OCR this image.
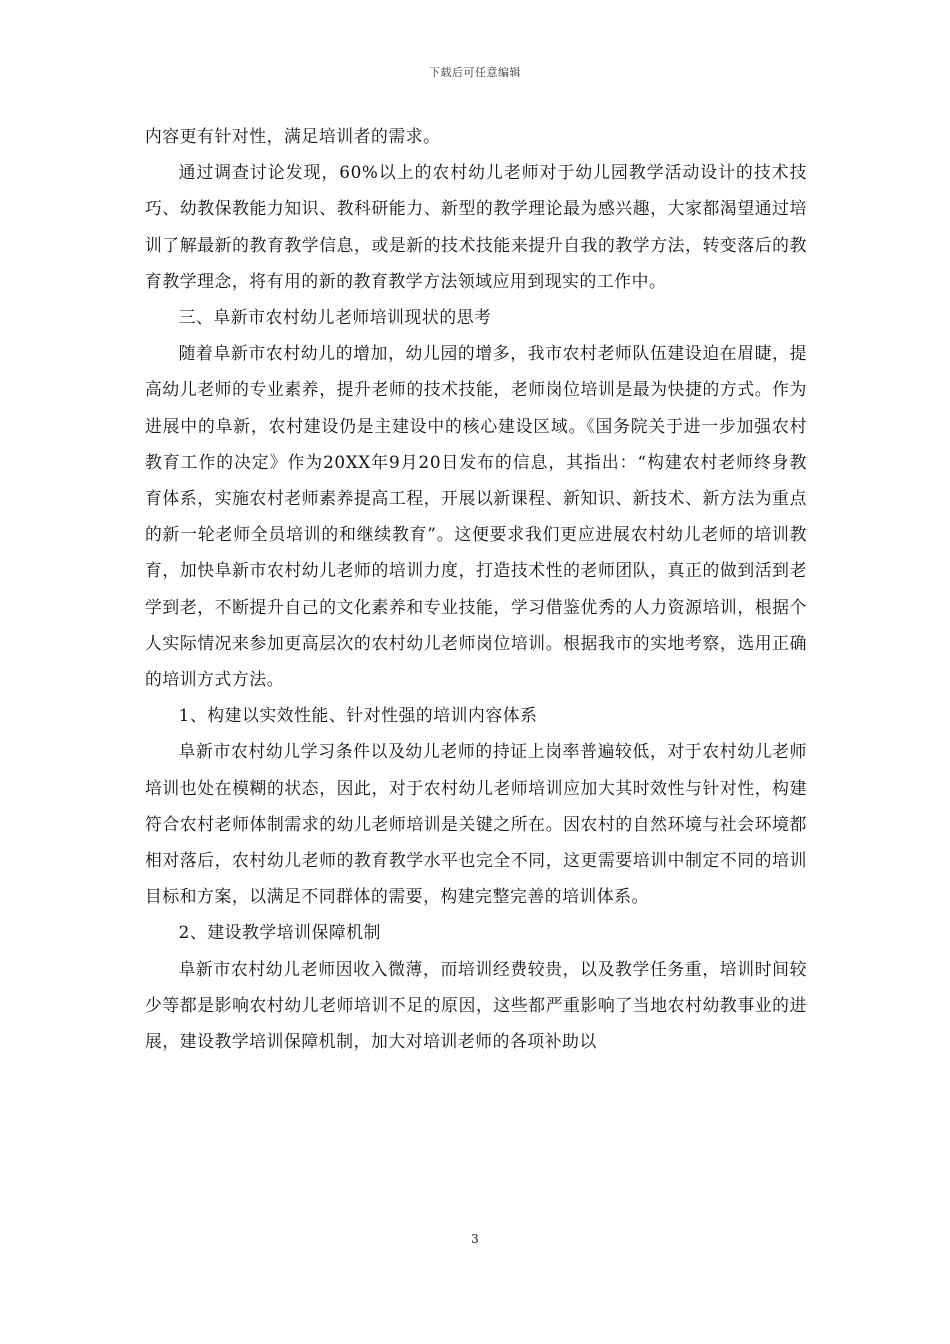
下载后可任意编辑

内容更有针对性，满足培训者的需求。

通过调查讨论发现，60%以上的农村幼儿老师对于幼儿园教学活动设计的技术技巧、幼教保教能力知识、教科研能力、新型的教学理论最为感兴趣，大家都渴望通过培训了解最新的教育教学信息，或是新的技术技能来提升自我的教学方法，转变落后的教育教学理念，将有用的新的教育教学方法领域应用到现实的工作中。

三、阜新市农村幼儿老师培训现状的思考

随着阜新市农村幼儿的增加，幼儿园的增多，我市农村老师队伍建设迫在眉睫，提高幼儿老师的专业素养，提升老师的技术技能，老师岗位培训是最为快捷的方式。作为进展中的阜新，农村建设仍是主建设中的核心建设区域。《国务院关于进一步加强农村教育工作的决定》作为20XX年9月20日发布的信息，其指出：“构建农村老师终身教育体系，实施农村老师素养提高工程，开展以新课程、新知识、新技术、新方法为重点的新一轮老师全员培训的和继续教育”。这便要求我们更应进展农村幼儿老师的培训教育，加快阜新市农村幼儿老师的培训力度，打造技术性的老师团队，真正的做到活到老学到老，不断提升自己的文化素养和专业技能，学习借鉴优秀的人力资源培训，根据个人实际情况来参加更高层次的农村幼儿老师岗位培训。根据我市的实地考察，选用正确的培训方式方法。

1、构建以实效性能、针对性强的培训内容体系

阜新市农村幼儿学习条件以及幼儿老师的持证上岗率普遍较低，对于农村幼儿老师培训也处在模糊的状态，因此，对于农村幼儿老师培训应加大其时效性与针对性，构建符合农村老师体制需求的幼儿老师培训是关键之所在。因农村的自然环境与社会环境都相对落后，农村幼儿老师的教育教学水平也完全不同，这更需要培训中制定不同的培训目标和方案，以满足不同群体的需要，构建完整完善的培训体系。

2、建设教学培训保障机制

阜新市农村幼儿老师因收入微薄，而培训经费较贵，以及教学任务重，培训时间较少等都是影响农村幼儿老师培训不足的原因，这些都严重影响了当地农村幼教事业的进展，建设教学培训保障机制，加大对培训老师的各项补助以

3
